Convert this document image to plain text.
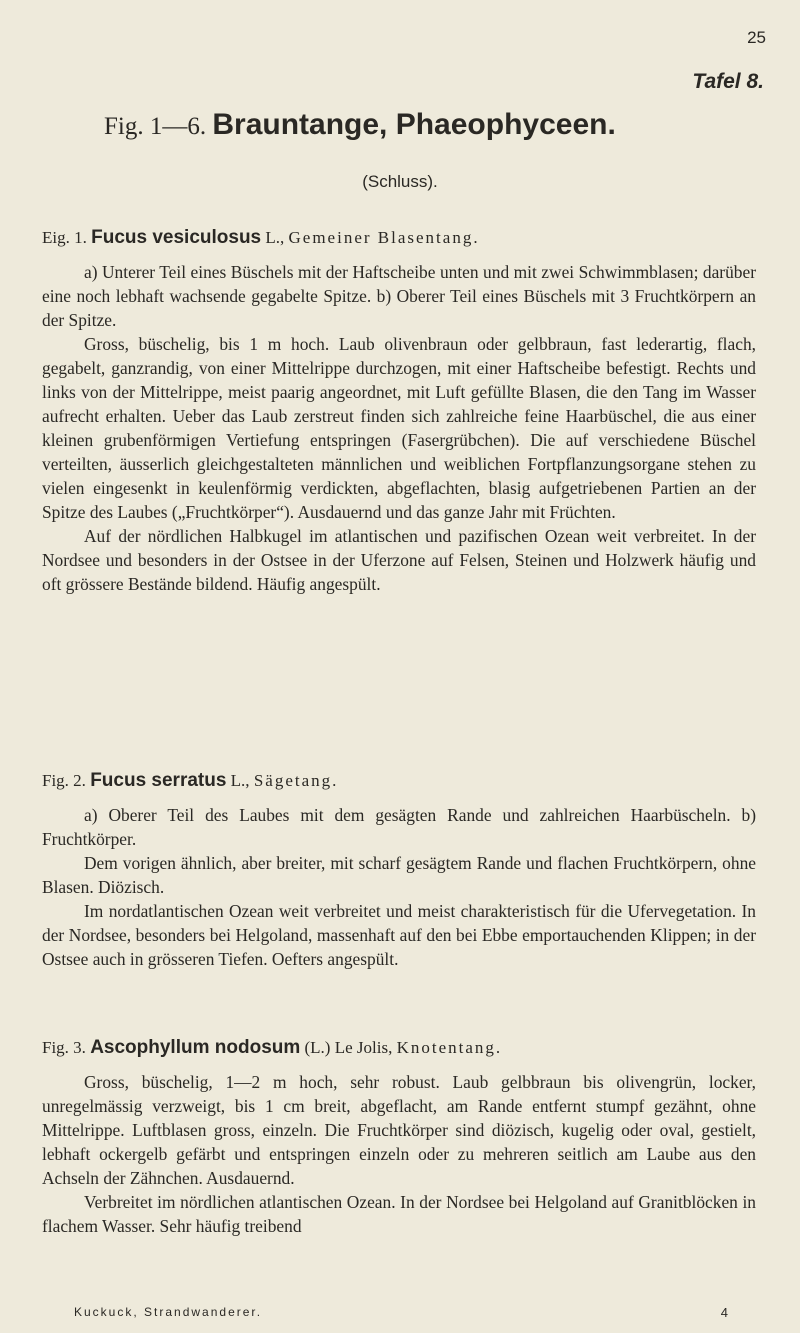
25
Tafel 8.
Fig. 1—6. Brauntange, Phaeophyceen.
(Schluss).

Eig. 1. Fucus vesiculosus L., Gemeiner Blasentang.

a) Unterer Teil eines Büschels mit der Haftscheibe unten und mit zwei Schwimmblasen; darüber eine noch lebhaft wachsende gegabelte Spitze. b) Oberer Teil eines Büschels mit 3 Fruchtkörpern an der Spitze.

Gross, büschelig, bis 1 m hoch. Laub olivenbraun oder gelbbraun, fast lederartig, flach, gegabelt, ganzrandig, von einer Mittelrippe durchzogen, mit einer Haftscheibe befestigt. Rechts und links von der Mittelrippe, meist paarig angeordnet, mit Luft gefüllte Blasen, die den Tang im Wasser aufrecht erhalten. Ueber das Laub zerstreut finden sich zahlreiche feine Haarbüschel, die aus einer kleinen grubenförmigen Vertiefung entspringen (Fasergrübchen). Die auf verschiedene Büschel verteilten, äusserlich gleichgestalteten männlichen und weiblichen Fortpflanzungsorgane stehen zu vielen eingesenkt in keulenförmig verdickten, abgeflachten, blasig aufgetriebenen Partien an der Spitze des Laubes („Fruchtkörper“). Ausdauernd und das ganze Jahr mit Früchten.

Auf der nördlichen Halbkugel im atlantischen und pazifischen Ozean weit verbreitet. In der Nordsee und besonders in der Ostsee in der Uferzone auf Felsen, Steinen und Holzwerk häufig und oft grössere Bestände bildend. Häufig angespült.

Fig. 2. Fucus serratus L., Sägetang.

a) Oberer Teil des Laubes mit dem gesägten Rande und zahlreichen Haarbüscheln. b) Fruchtkörper.

Dem vorigen ähnlich, aber breiter, mit scharf gesägtem Rande und flachen Fruchtkörpern, ohne Blasen. Diözisch.

Im nordatlantischen Ozean weit verbreitet und meist charakteristisch für die Ufervegetation. In der Nordsee, besonders bei Helgoland, massenhaft auf den bei Ebbe emportauchenden Klippen; in der Ostsee auch in grösseren Tiefen. Oefters angespült.

Fig. 3. Ascophyllum nodosum (L.) Le Jolis, Knotentang.

Gross, büschelig, 1—2 m hoch, sehr robust. Laub gelbbraun bis olivengrün, locker, unregelmässig verzweigt, bis 1 cm breit, abgeflacht, am Rande entfernt stumpf gezähnt, ohne Mittelrippe. Luftblasen gross, einzeln. Die Fruchtkörper sind diözisch, kugelig oder oval, gestielt, lebhaft ockergelb gefärbt und entspringen einzeln oder zu mehreren seitlich am Laube aus den Achseln der Zähnchen. Ausdauernd.

Verbreitet im nördlichen atlantischen Ozean. In der Nordsee bei Helgoland auf Granitblöcken in flachem Wasser. Sehr häufig treibend

Kuckuck, Strandwanderer.	4
